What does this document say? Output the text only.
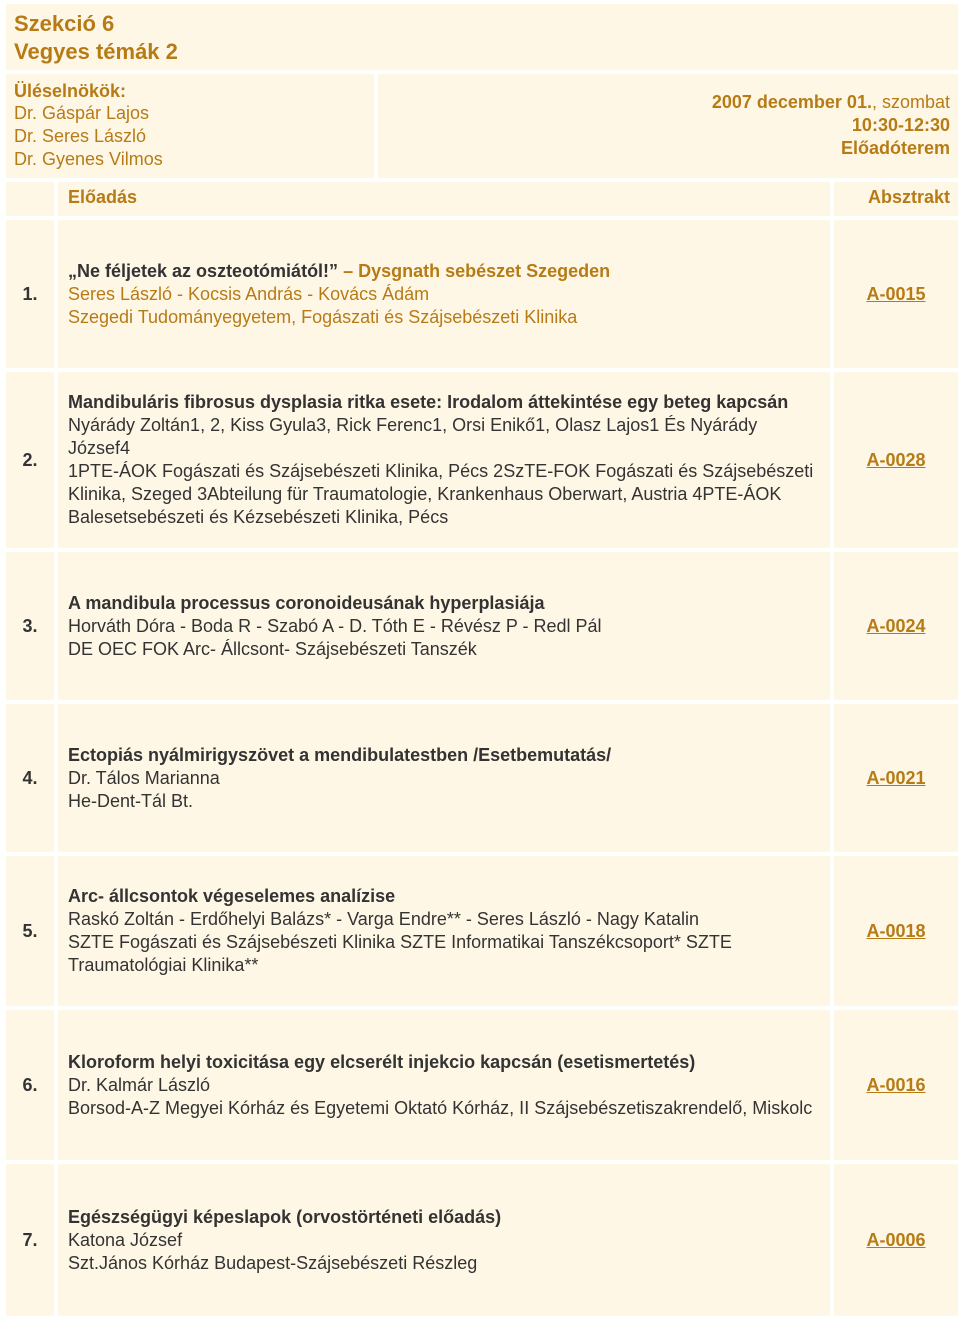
Szekció 6
Vegyes témák 2
Üléselnökök:
Dr. Gáspár Lajos
Dr. Seres László
Dr. Gyenes Vilmos
2007 december 01., szombat
10:30-12:30
Előadóterem
Előadás	Absztrakt
1.
„Ne féljetek az oszteotómiától!” – Dysgnath sebészet Szegeden
Seres László - Kocsis András - Kovács Ádám
Szegedi Tudományegyetem, Fogászati és Szájsebészeti Klinika
A-0015
2.
Mandibuláris fibrosus dysplasia ritka esete: Irodalom áttekintése egy beteg kapcsán
Nyárády Zoltán1, 2, Kiss Gyula3, Rick Ferenc1, Orsi Enikő1, Olasz Lajos1 És Nyárády József4
1PTE-ÁOK Fogászati és Szájsebészeti Klinika, Pécs 2SzTE-FOK Fogászati és Szájsebészeti Klinika, Szeged 3Abteilung für Traumatologie, Krankenhaus Oberwart, Austria 4PTE-ÁOK Balesetsebészeti és Kézsebészeti Klinika, Pécs
A-0028
3.
A mandibula processus coronoideusának hyperplasiája
Horváth Dóra - Boda R - Szabó A - D. Tóth E - Révész P - Redl Pál
DE OEC FOK Arc- Állcsont- Szájsebészeti Tanszék
A-0024
4.
Ectopiás nyálmirigyszövet a mendibulatestben /Esetbemutatás/
Dr. Tálos Marianna
He-Dent-Tál Bt.
A-0021
5.
Arc- állcsontok végeselemes analízise
Raskó Zoltán - Erdőhelyi Balázs* - Varga Endre** - Seres László - Nagy Katalin
SZTE Fogászati és Szájsebészeti Klinika SZTE Informatikai Tanszékcsoport* SZTE Traumatológiai Klinika**
A-0018
6.
Kloroform helyi toxicitása egy elcserélt injekcio kapcsán (esetismertetés)
Dr. Kalmár László
Borsod-A-Z Megyei Kórház és Egyetemi Oktató Kórház, II Szájsebészetiszakrendelő, Miskolc
A-0016
7.
Egészségügyi képeslapok (orvostörténeti előadás)
Katona József
Szt.János Kórház Budapest-Szájsebészeti Részleg
A-0006
